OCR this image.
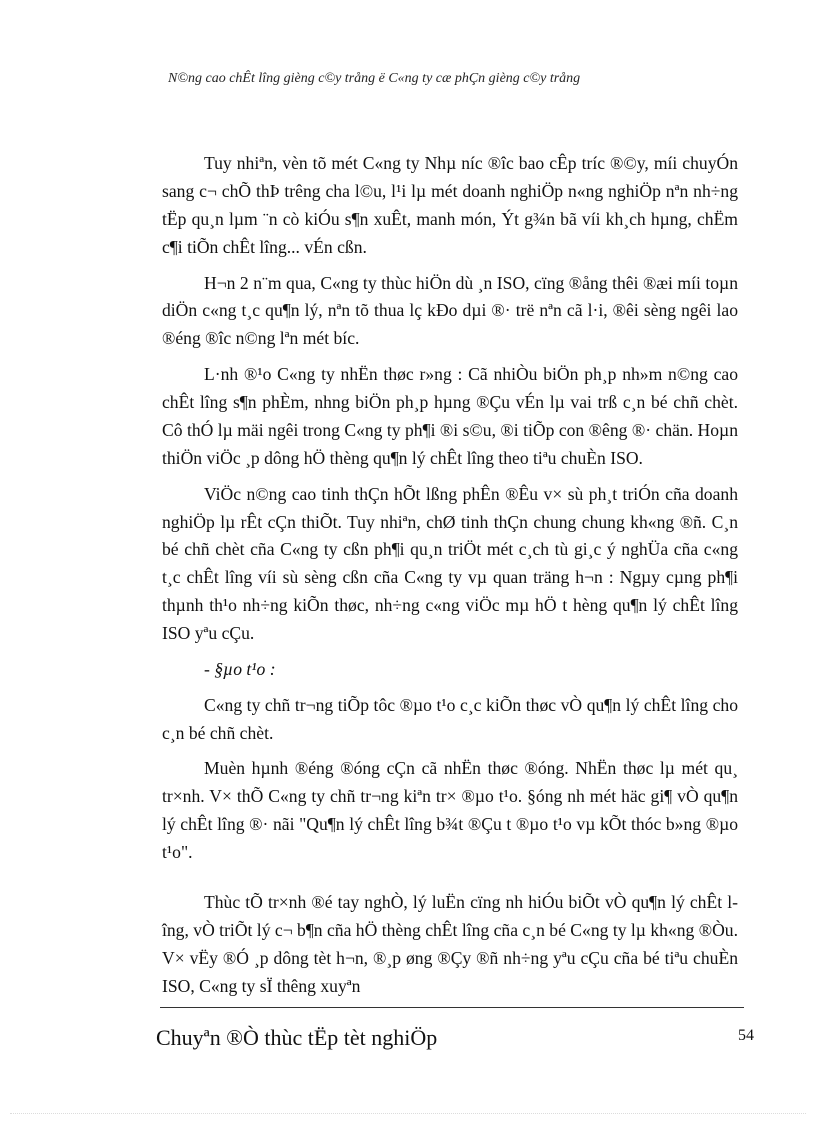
N©ng cao chÊt lîng gièng c©y trång ë C«ng ty cæ phÇn gièng c©y trång

Tuy nhiªn, vèn tõ mét C«ng ty Nhµ níc ®îc bao cÊp tríc ®©y, míi chuyÓn sang c¬ chÕ thÞ trêng cha l©u, l¹i lµ mét doanh nghiÖp n«ng nghiÖp nªn nh÷ng tËp qu¸n lµm ¨n cò kiÓu s¶n xuÊt, manh món, Ýt g¾n bã víi kh¸ch hµng, chËm c¶i tiÕn chÊt lîng... vÉn cßn.

H¬n 2 n¨m qua, C«ng ty thùc hiÖn dù ¸n ISO, cïng ®ång thêi ®æi míi toµn diÖn c«ng t¸c qu¶n lý, nªn tõ thua lç kÐo dµi ®· trë nªn cã l·i, ®êi sèng ngêi lao ®éng ®îc n©ng lªn mét bíc.

L·nh ®¹o C«ng ty nhËn thøc r»ng : Cã nhiÒu biÖn ph¸p nh»m n©ng cao chÊt lîng s¶n phÈm, nhng biÖn ph¸p hµng ®Çu vÉn lµ vai trß c¸n bé chñ chèt. Cô thÓ lµ mäi ngêi trong C«ng ty ph¶i ®i s©u, ®i tiÕp con ®êng ®· chän. Hoµn thiÖn viÖc ¸p dông hÖ thèng qu¶n lý chÊt lîng theo tiªu chuÈn ISO.

ViÖc n©ng cao tinh thÇn hÕt lßng phÊn ®Êu v× sù ph¸t triÓn cña doanh nghiÖp lµ rÊt cÇn thiÕt. Tuy nhiªn, chØ tinh thÇn chung chung kh«ng ®ñ. C¸n bé chñ chèt cña C«ng ty cßn ph¶i qu¸n triÖt mét c¸ch tù gi¸c ý nghÜa cña c«ng t¸c chÊt lîng víi sù sèng cßn cña C«ng ty vµ quan träng h¬n : Ngµy cµng ph¶i thµnh th¹o nh÷ng kiÕn thøc, nh÷ng c«ng viÖc mµ hÖ t hèng qu¶n lý chÊt lîng ISO yªu cÇu.

- §µo t¹o :

C«ng ty chñ tr¬ng tiÕp tôc ®µo t¹o c¸c kiÕn thøc vÒ qu¶n lý chÊt lîng cho c¸n bé chñ chèt.

Muèn hµnh ®éng ®óng cÇn cã nhËn thøc ®óng. NhËn thøc lµ mét qu¸ tr×nh. V× thÕ C«ng ty chñ tr¬ng kiªn tr× ®µo t¹o. §óng nh mét häc gi¶ vÒ qu¶n lý chÊt lîng ®· nãi "Qu¶n lý chÊt lîng b¾t ®Çu t ®µo t¹o vµ kÕt thóc b»ng ®µo t¹o".

Thùc tÕ tr×nh ®é tay nghÒ, lý luËn cïng nh hiÓu biÕt vÒ qu¶n lý chÊt lîng, vÒ triÕt lý c¬ b¶n cña hÖ thèng chÊt lîng cña c¸n bé C«ng ty lµ kh«ng ®Òu. V× vËy ®Ó ¸p dông tèt h¬n, ®¸p øng ®Çy ®ñ nh÷ng yªu cÇu cña bé tiªu chuÈn ISO, C«ng ty sÏ thêng xuyªn

Chuyªn ®Ò thùc tËp tèt nghiÖp	54
